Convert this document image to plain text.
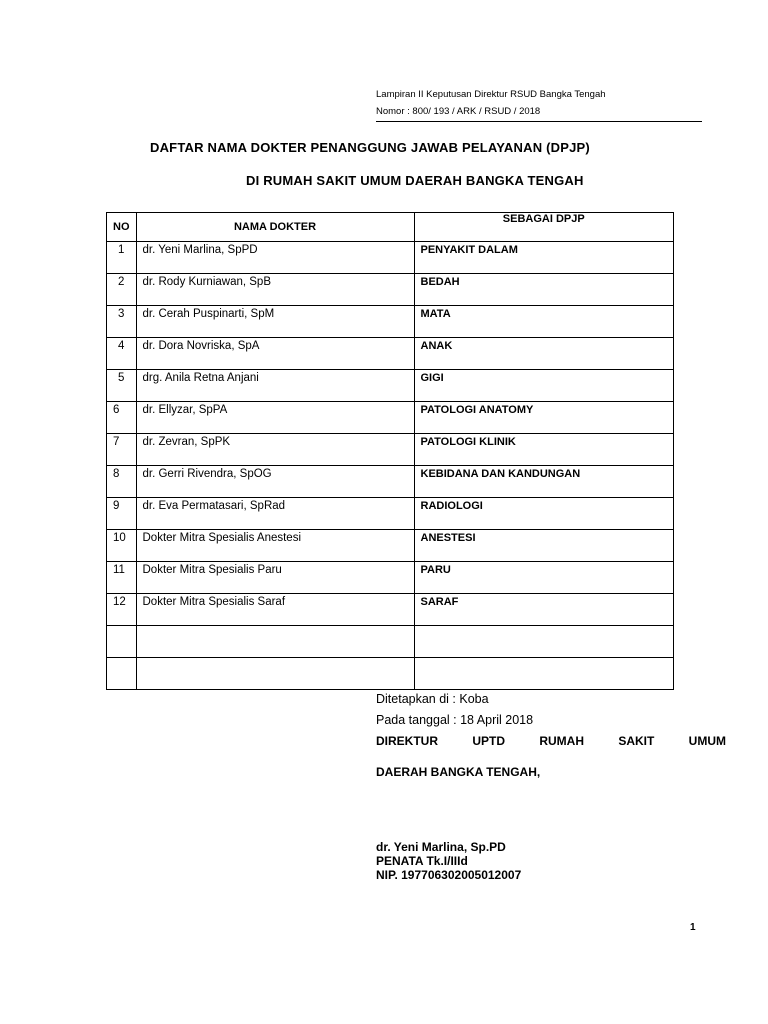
Lampiran II Keputusan Direktur RSUD Bangka Tengah
Nomor : 800/ 193 / ARK / RSUD / 2018
DAFTAR NAMA DOKTER PENANGGUNG JAWAB PELAYANAN (DPJP)
DI RUMAH SAKIT UMUM DAERAH BANGKA TENGAH
NO	NAMA DOKTER	SEBAGAI DPJP
1	dr. Yeni Marlina, SpPD	PENYAKIT DALAM
2	dr. Rody Kurniawan, SpB	BEDAH
3	dr. Cerah Puspinarti, SpM	MATA
4	dr. Dora Novriska, SpA	ANAK
5	drg. Anila Retna Anjani	GIGI
6	dr. Ellyzar, SpPA	PATOLOGI ANATOMY
7	dr. Zevran, SpPK	PATOLOGI KLINIK
8	dr. Gerri Rivendra, SpOG	KEBIDANA DAN KANDUNGAN
9	dr. Eva Permatasari, SpRad	RADIOLOGI
10	Dokter Mitra Spesialis Anestesi	ANESTESI
11	Dokter Mitra Spesialis Paru	PARU
12	Dokter Mitra Spesialis Saraf	SARAF

Ditetapkan di : Koba
Pada tanggal : 18 April 2018
DIREKTUR	UPTD	RUMAH	SAKIT	UMUM
DAERAH BANGKA TENGAH,
dr. Yeni Marlina, Sp.PD
PENATA Tk.I/IIId
NIP. 197706302005012007
1
